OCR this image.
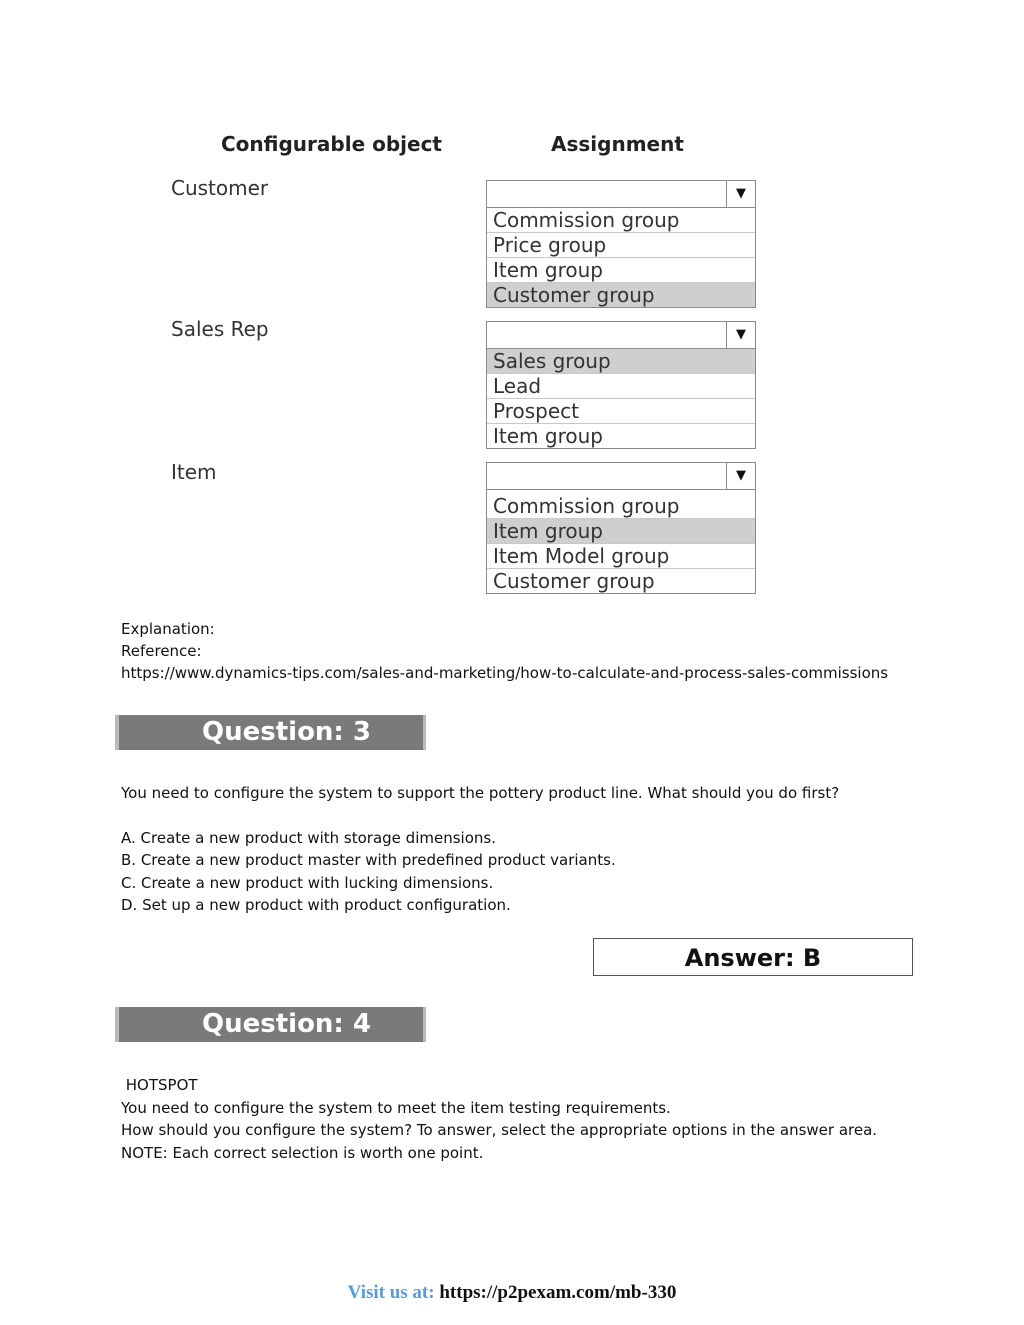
Configurable object	Assignment
Customer	▼
Commission group
Price group
Item group
Customer group
Sales Rep	▼
Sales group
Lead
Prospect
Item group
Item	▼
Commission group
Item group
Item Model group
Customer group
Explanation:
Reference:
https://www.dynamics-tips.com/sales-and-marketing/how-to-calculate-and-process-sales-commissions
Question: 3
You need to configure the system to support the pottery product line. What should you do first?
A. Create a new product with storage dimensions.
B. Create a new product master with predefined product variants.
C. Create a new product with lucking dimensions.
D. Set up a new product with product configuration.
Answer: B
Question: 4
HOTSPOT
You need to configure the system to meet the item testing requirements.
How should you configure the system? To answer, select the appropriate options in the answer area.
NOTE: Each correct selection is worth one point.
Visit us at: https://p2pexam.com/mb-330
